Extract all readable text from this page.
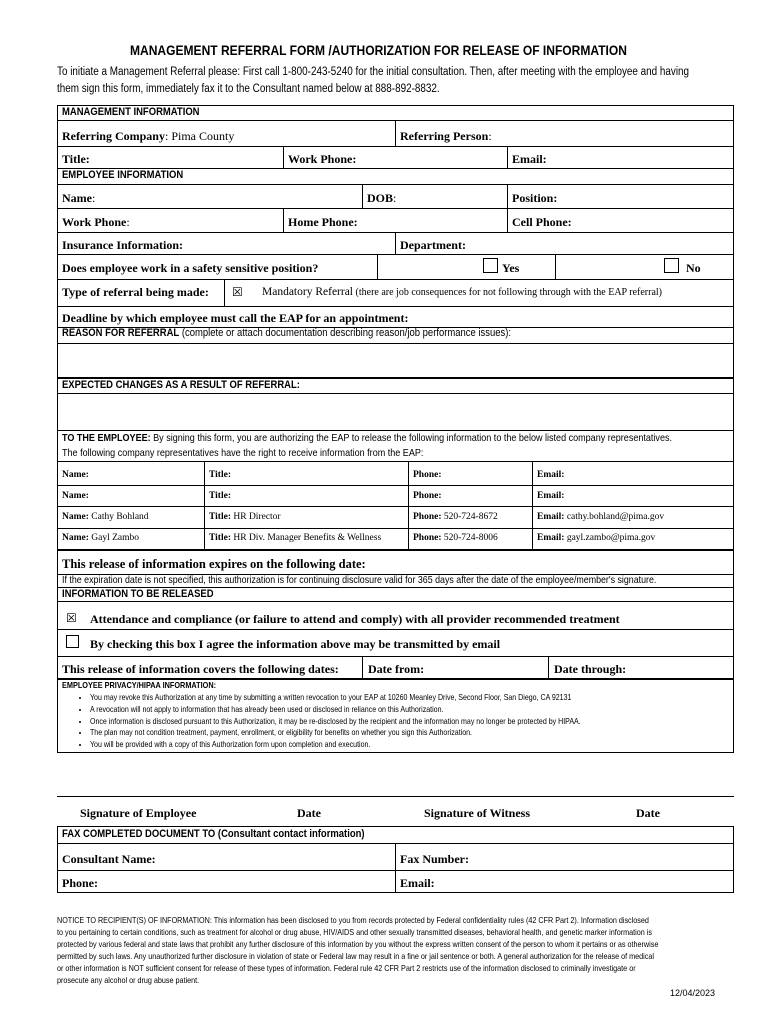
MANAGEMENT REFERRAL FORM /AUTHORIZATION FOR RELEASE OF INFORMATION
To initiate a Management Referral please: First call 1-800-243-5240 for the initial consultation. Then, after meeting with the employee and having
them sign this form, immediately fax it to the Consultant named below at 888-892-8832.
MANAGEMENT INFORMATION
Referring Company: Pima County	Referring Person:
Title:	Work Phone:	Email:
EMPLOYEE INFORMATION
Name:	DOB:	Position:
Work Phone:	Home Phone:	Cell Phone:
Insurance Information:	Department:
Does employee work in a safety sensitive position?	Yes	No
Type of referral being made: ☒ Mandatory Referral (there are job consequences for not following through with the EAP referral)
Deadline by which employee must call the EAP for an appointment:
REASON FOR REFERRAL (complete or attach documentation describing reason/job performance issues):
EXPECTED CHANGES AS A RESULT OF REFERRAL:
TO THE EMPLOYEE: By signing this form, you are authorizing the EAP to release the following information to the below listed company representatives.
The following company representatives have the right to receive information from the EAP:
Name:	Title:	Phone:	Email:
Name:	Title:	Phone:	Email:
Name: Cathy Bohland	Title: HR Director	Phone: 520-724-8672	Email: cathy.bohland@pima.gov
Name: Gayl Zambo	Title: HR Div. Manager Benefits & Wellness	Phone: 520-724-8006	Email: gayl.zambo@pima.gov
This release of information expires on the following date:
If the expiration date is not specified, this authorization is for continuing disclosure valid for 365 days after the date of the employee/member's signature.
INFORMATION TO BE RELEASED
☒ Attendance and compliance (or failure to attend and comply) with all provider recommended treatment
By checking this box I agree the information above may be transmitted by email
This release of information covers the following dates: Date from:	Date through:
EMPLOYEE PRIVACY/HIPAA INFORMATION:
• You may revoke this Authorization at any time by submitting a written revocation to your EAP at 10260 Meanley Drive, Second Floor, San Diego, CA 92131
• A revocation will not apply to information that has already been used or disclosed in reliance on this Authorization.
• Once information is disclosed pursuant to this Authorization, it may be re-disclosed by the recipient and the information may no longer be protected by HIPAA.
• The plan may not condition treatment, payment, enrollment, or eligibility for benefits on whether you sign this Authorization.
• You will be provided with a copy of this Authorization form upon completion and execution.
Signature of Employee	Date	Signature of Witness	Date
FAX COMPLETED DOCUMENT TO (Consultant contact information)
Consultant Name:	Fax Number:
Phone:	Email:
NOTICE TO RECIPIENT(S) OF INFORMATION: This information has been disclosed to you from records protected by Federal confidentiality rules (42 CFR Part 2). Information disclosed
to you pertaining to certain conditions, such as treatment for alcohol or drug abuse, HIV/AIDS and other sexually transmitted diseases, behavioral health, and genetic marker information is
protected by various federal and state laws that prohibit any further disclosure of this information by you without the express written consent of the person to whom it pertains or as otherwise
permitted by such laws. Any unauthorized further disclosure in violation of state or Federal law may result in a fine or jail sentence or both. A general authorization for the release of medical
or other information is NOT sufficient consent for release of these types of information. Federal rule 42 CFR Part 2 restricts use of the information disclosed to criminally investigate or
prosecute any alcohol or drug abuse patient.
12/04/2023
